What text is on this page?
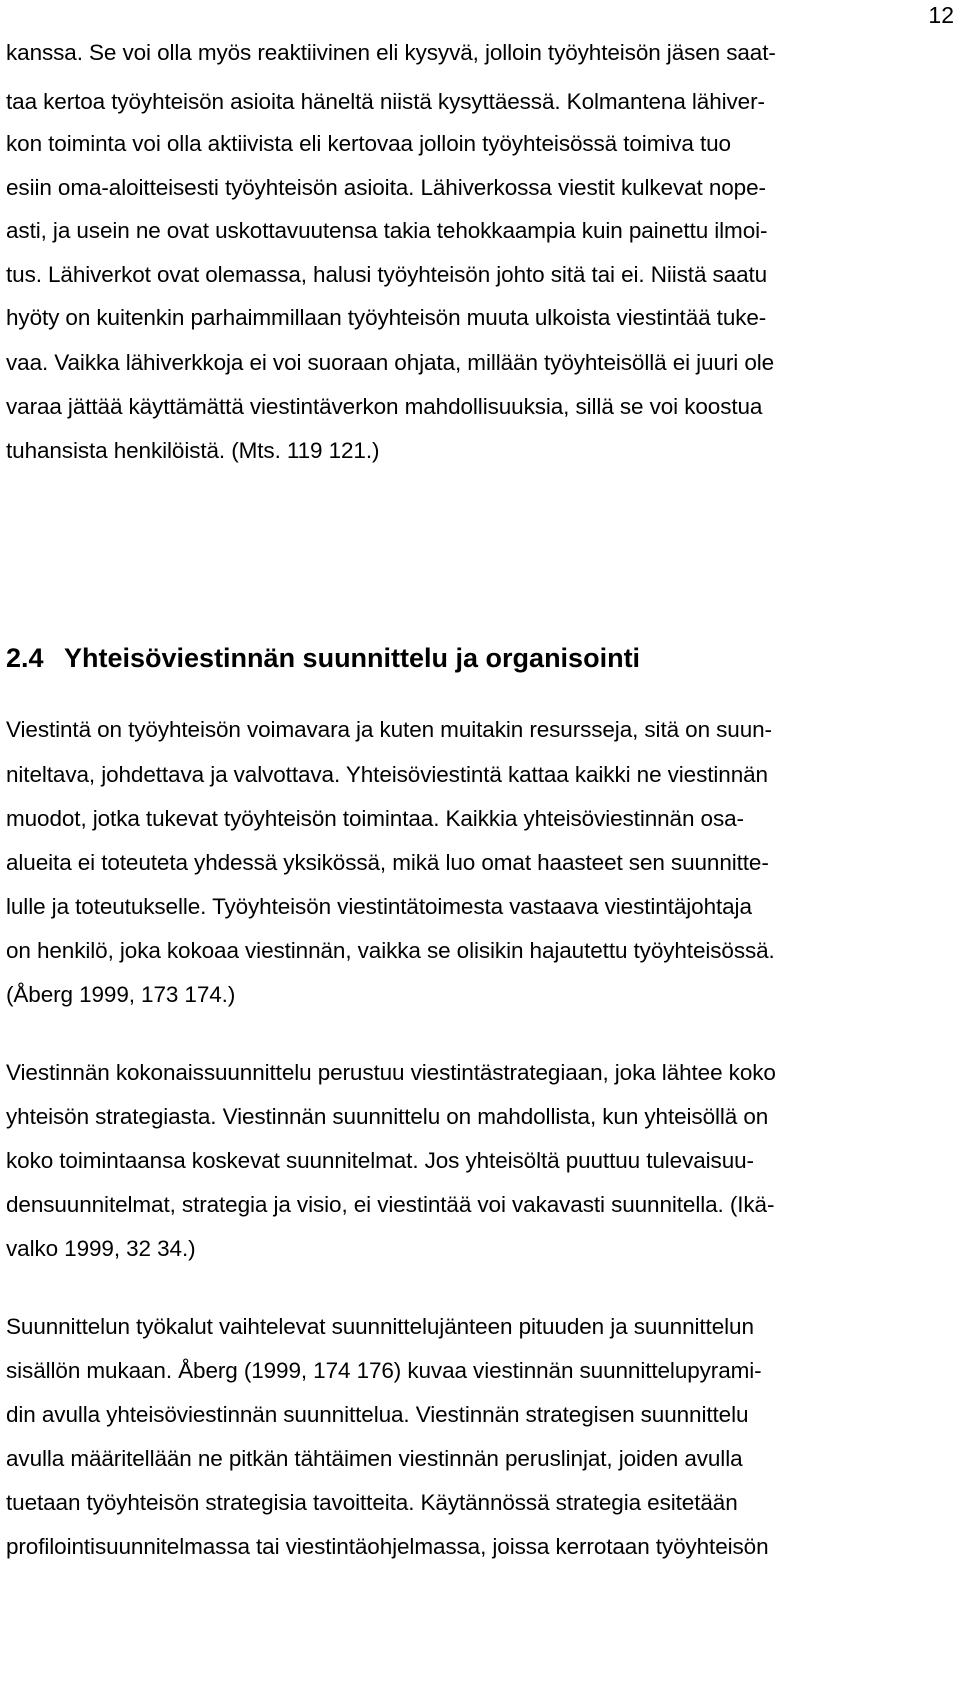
12
kanssa. Se voi olla myös reaktiivinen eli kysyvä, jolloin työyhteisön jäsen saat-
taa kertoa työyhteisön asioita häneltä niistä kysyttäessä. Kolmantena lähiver-
kon toiminta voi olla aktiivista eli kertovaa jolloin työyhteisössä toimiva tuo
esiin oma-aloitteisesti työyhteisön asioita. Lähiverkossa viestit kulkevat nope-
asti, ja usein ne ovat uskottavuutensa takia tehokkaampia kuin painettu ilmoi-
tus. Lähiverkot ovat olemassa, halusi työyhteisön johto sitä tai ei. Niistä saatu
hyöty on kuitenkin parhaimmillaan työyhteisön muuta ulkoista viestintää tuke-
vaa. Vaikka lähiverkkoja ei voi suoraan ohjata, millään työyhteisöllä ei juuri ole
varaa jättää käyttämättä viestintäverkon mahdollisuuksia, sillä se voi koostua
tuhansista henkilöistä. (Mts. 119 121.)
2.4 Yhteisöviestinnän suunnittelu ja organisointi
Viestintä on työyhteisön voimavara ja kuten muitakin resursseja, sitä on suun-
niteltava, johdettava ja valvottava. Yhteisöviestintä kattaa kaikki ne viestinnän
muodot, jotka tukevat työyhteisön toimintaa. Kaikkia yhteisöviestinnän osa-
alueita ei toteuteta yhdessä yksikössä, mikä luo omat haasteet sen suunnitte-
lulle ja toteutukselle. Työyhteisön viestintätoimesta vastaava viestintäjohtaja
on henkilö, joka kokoaa viestinnän, vaikka se olisikin hajautettu työyhteisössä.
(Åberg 1999, 173 174.)
Viestinnän kokonaissuunnittelu perustuu viestintästrategiaan, joka lähtee koko
yhteisön strategiasta. Viestinnän suunnittelu on mahdollista, kun yhteisöllä on
koko toimintaansa koskevat suunnitelmat. Jos yhteisöltä puuttuu tulevaisuu-
densuunnitelmat, strategia ja visio, ei viestintää voi vakavasti suunnitella. (Ikä-
valko 1999, 32 34.)
Suunnittelun työkalut vaihtelevat suunnittelujänteen pituuden ja suunnittelun
sisällön mukaan. Åberg (1999, 174 176) kuvaa viestinnän suunnittelupyrami-
din avulla yhteisöviestinnän suunnittelua. Viestinnän strategisen suunnittelu
avulla määritellään ne pitkän tähtäimen viestinnän peruslinjat, joiden avulla
tuetaan työyhteisön strategisia tavoitteita. Käytännössä strategia esitetään
profilointisuunnitelmassa tai viestintäohjelmassa, joissa kerrotaan työyhteisön
